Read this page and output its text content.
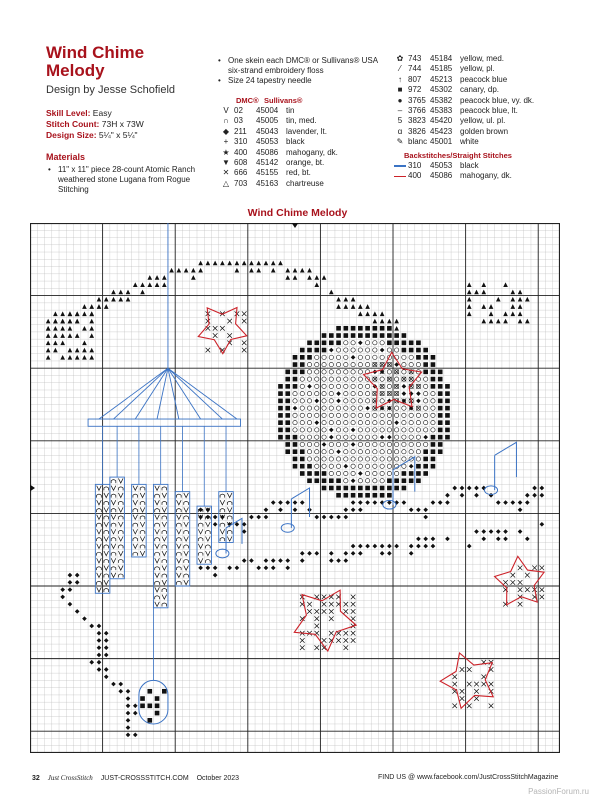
Wind Chime
Melody
Design by Jesse Schofield
Skill Level: Easy
Stitch Count: 73H x 73W
Design Size: 5¼" x 5¼"
Materials
• 11" x 11" piece 28-count Atomic Ranch weathered stone Lugana from Rogue Stitching
• One skein each DMC® or Sullivans® USA six-strand embroidery floss
• Size 24 tapestry needle
DMC® Sullivans®
V 02	45004 tin
∩ 03	45005 tin, med.
◆ 211	45043 lavender, lt.
+ 310	45053 black
★ 400	45086 mahogany, dk.
▼ 608	45142 orange, bt.
✕ 666	45155 red, bt.
△ 703	45163 chartreuse
✿ 743	45184 yellow, med.
⁄ 744	45185 yellow, pl.
↑ 807	45213 peacock blue
■ 972	45302 canary, dp.
● 3765 45382 peacock blue, vy. dk.
– 3766 45383 peacock blue, lt.
5 3823 45420 yellow, ul. pl.
ɑ 3826 45423 golden brown
✎ blanc 45001 white
Backstitches/Straight Stitches
310	45053 black
400	45086 mahogany, dk.
Wind Chime Melody
32 Just CrossStitch JUST-CROSSSTITCH.COM October 2023	FIND US @ www.facebook.com/JustCrossStitchMagazine
PassionForum.ru
